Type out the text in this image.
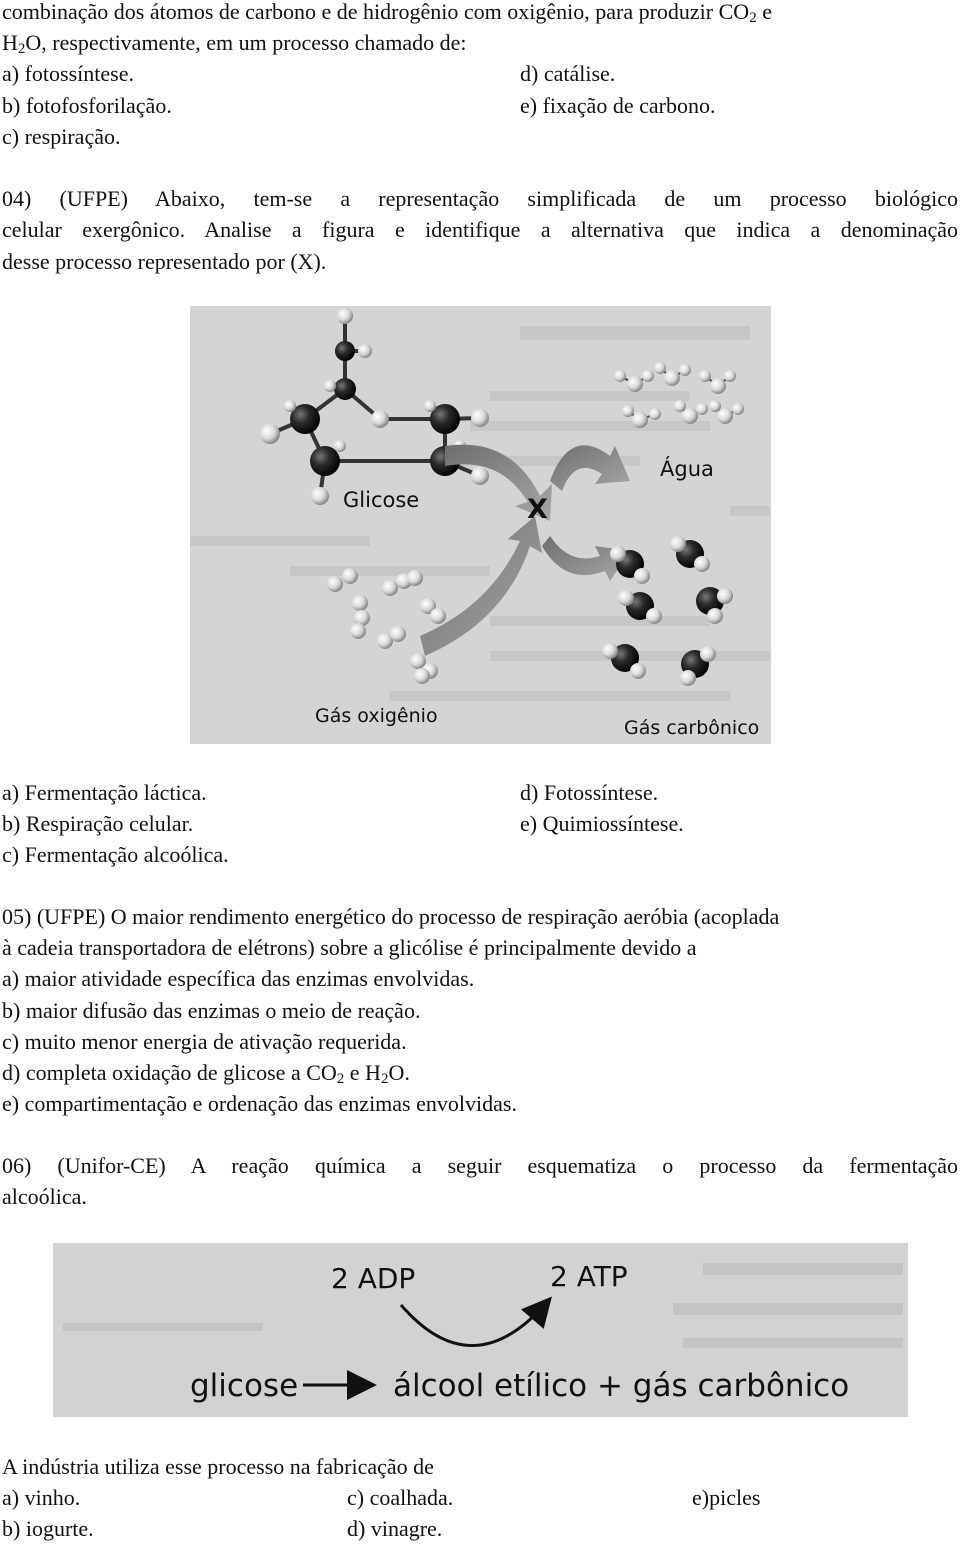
combinação dos átomos de carbono e de hidrogênio com oxigênio, para produzir $CO_2$ e
$H_2O$, respectivamente, em um processo chamado de:
a) fotossíntese.	d) catálise.
b) fotofosforilação.	e) fixação de carbono.
c) respiração.
04) (UFPE) Abaixo, tem-se a representação simplificada de um processo biológico
celular exergônico. Analise a figura e identifique a alternativa que indica a denominação
desse processo representado por (X).
Glicose	X
Água
Gás oxigênio
Gás carbônico
a) Fermentação láctica.	d) Fotossíntese.
b) Respiração celular.	e) Quimiossíntese.
c) Fermentação alcoólica.
05) (UFPE) O maior rendimento energético do processo de respiração aeróbia (acoplada
à cadeia transportadora de elétrons) sobre a glicólise é principalmente devido a
a) maior atividade específica das enzimas envolvidas.
b) maior difusão das enzimas o meio de reação.
c) muito menor energia de ativação requerida.
d) completa oxidação de glicose a $CO_2$ e $H_2O$.
e) compartimentação e ordenação das enzimas envolvidas.
06) (Unifor-CE) A reação química a seguir esquematiza o processo da fermentação
alcoólica.
2 ADP	2 ATP
glicose	álcool etílico + gás carbônico
A indústria utiliza esse processo na fabricação de
a) vinho.	c) coalhada.	e)picles
b) iogurte.	d) vinagre.
